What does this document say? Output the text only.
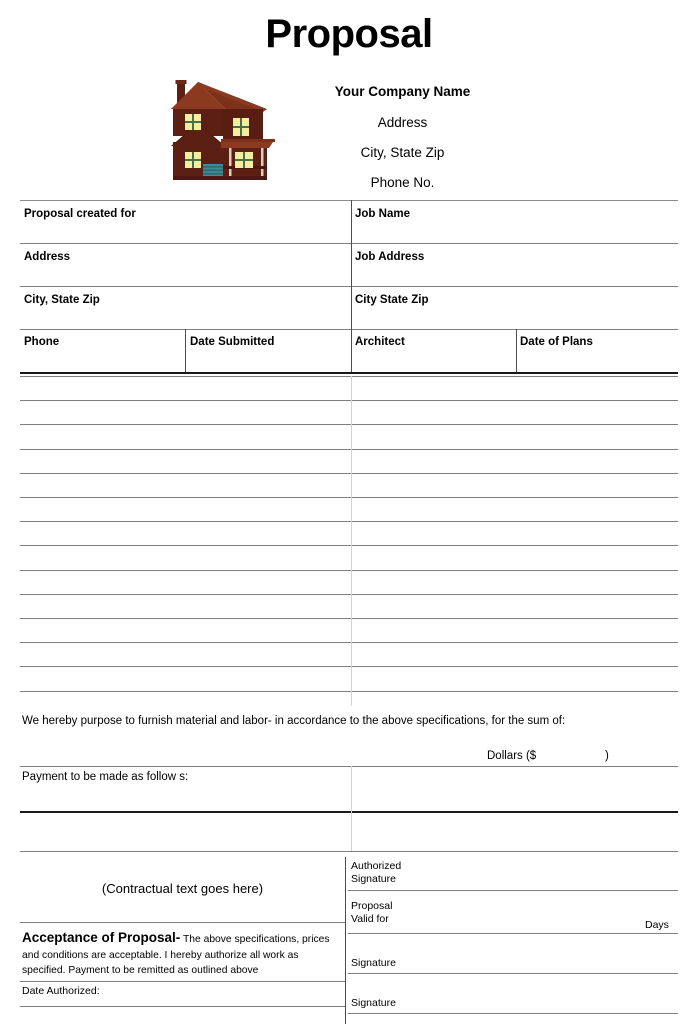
Proposal
Your Company Name
Address
City, State Zip
Phone No.
Proposal created for	Job Name
Address	Job Address
City, State Zip	City State Zip
Phone	Date Submitted	Architect	Date of Plans
We hereby purpose to furnish material and labor- in accordance to the above specifications, for the sum of:
Dollars ($	)
Payment to be made as follow s:
(Contractual text goes here)
Acceptance of Proposal- The above specifications, prices and conditions are acceptable. I hereby authorize all work as specified. Payment to be remitted as outlined above
Date Authorized:
Authorized
Signature
Proposal
Valid for	Days
Signature
Signature
